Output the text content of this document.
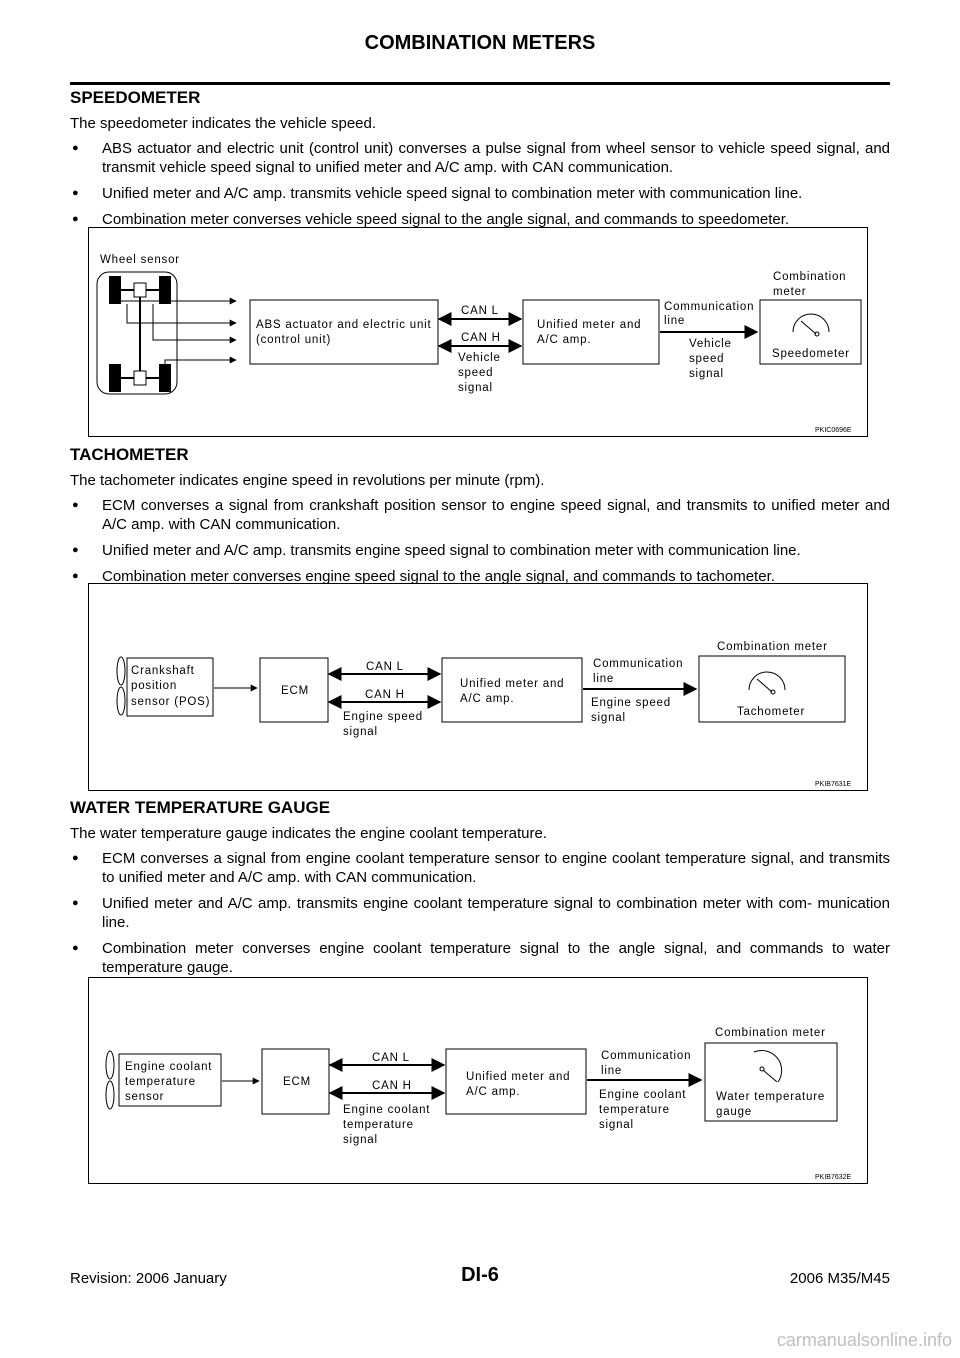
COMBINATION METERS
SPEEDOMETER

The speedometer indicates the vehicle speed.

● ABS actuator and electric unit (control unit) converses a pulse signal from wheel sensor to vehicle speed signal, and transmit vehicle speed signal to unified meter and A/C amp. with CAN communication.
● Unified meter and A/C amp. transmits vehicle speed signal to combination meter with communication line.
● Combination meter converses vehicle speed signal to the angle signal, and commands to speedometer.
Wheel sensor
ABS actuator and electric unit
(control unit)
CAN L
CAN H
Vehicle
speed
signal
Unified meter and
A/C amp.
Communication
line
Vehicle
speed
signal
Combination
meter
Speedometer
PKIC0696E
TACHOMETER

The tachometer indicates engine speed in revolutions per minute (rpm).

● ECM converses a signal from crankshaft position sensor to engine speed signal, and transmits to unified meter and A/C amp. with CAN communication.
● Unified meter and A/C amp. transmits engine speed signal to combination meter with communication line.
● Combination meter converses engine speed signal to the angle signal, and commands to tachometer.
Crankshaft
position
sensor (POS)
ECM
CAN L
CAN H
Engine speed
signal
Unified meter and
A/C amp.
Communication
line
Engine speed
signal
Combination meter
Tachometer
PKIB7631E
WATER TEMPERATURE GAUGE

The water temperature gauge indicates the engine coolant temperature.

● ECM converses a signal from engine coolant temperature sensor to engine coolant temperature signal, and transmits to unified meter and A/C amp. with CAN communication.
● Unified meter and A/C amp. transmits engine coolant temperature signal to combination meter with com- munication line.
● Combination meter converses engine coolant temperature signal to the angle signal, and commands to water temperature gauge.
Engine coolant
temperature
sensor
ECM
CAN L
CAN H
Engine coolant
temperature
signal
Unified meter and
A/C amp.
Communication
line
Engine coolant
temperature
signal
Combination meter
Water temperature
gauge
PKIB7632E
Revision: 2006 January	DI-6	2006 M35/M45
carmanualsonline.info
